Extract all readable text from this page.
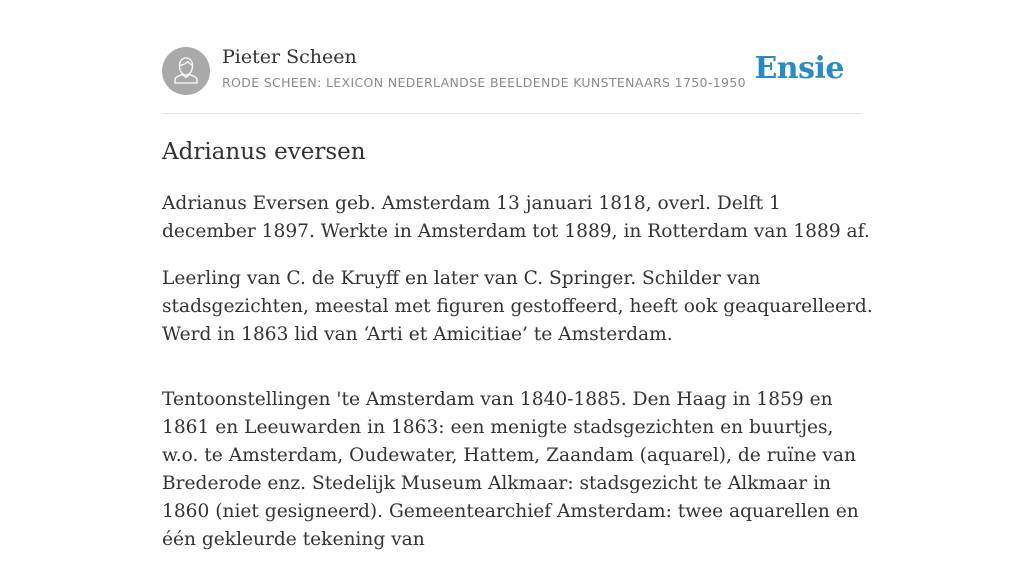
Pieter Scheen
RODE SCHEEN: LEXICON NEDERLANDSE BEELDENDE KUNSTENAARS 1750-1950 Ensie
Adrianus eversen

Adrianus Eversen geb. Amsterdam 13 januari 1818, overl. Delft 1 december 1897. Werkte in Amsterdam tot 1889, in Rotterdam van 1889 af.

Leerling van C. de Kruyff en later van C. Springer. Schilder van stadsgezichten, meestal met figuren gestoffeerd, heeft ook geaquarelleerd. Werd in 1863 lid van ‘Arti et Amicitiae’ te Amsterdam.

Tentoonstellingen 'te Amsterdam van 1840-1885. Den Haag in 1859 en 1861 en Leeuwarden in 1863: een menigte stadsgezichten en buurtjes, w.o. te Amsterdam, Oudewater, Hattem, Zaandam (aquarel), de ruïne van Brederode enz. Stedelijk Museum Alkmaar: stadsgezicht te Alkmaar in 1860 (niet gesigneerd). Gemeentearchief Amsterdam: twee aquarellen en één gekleurde tekening van
